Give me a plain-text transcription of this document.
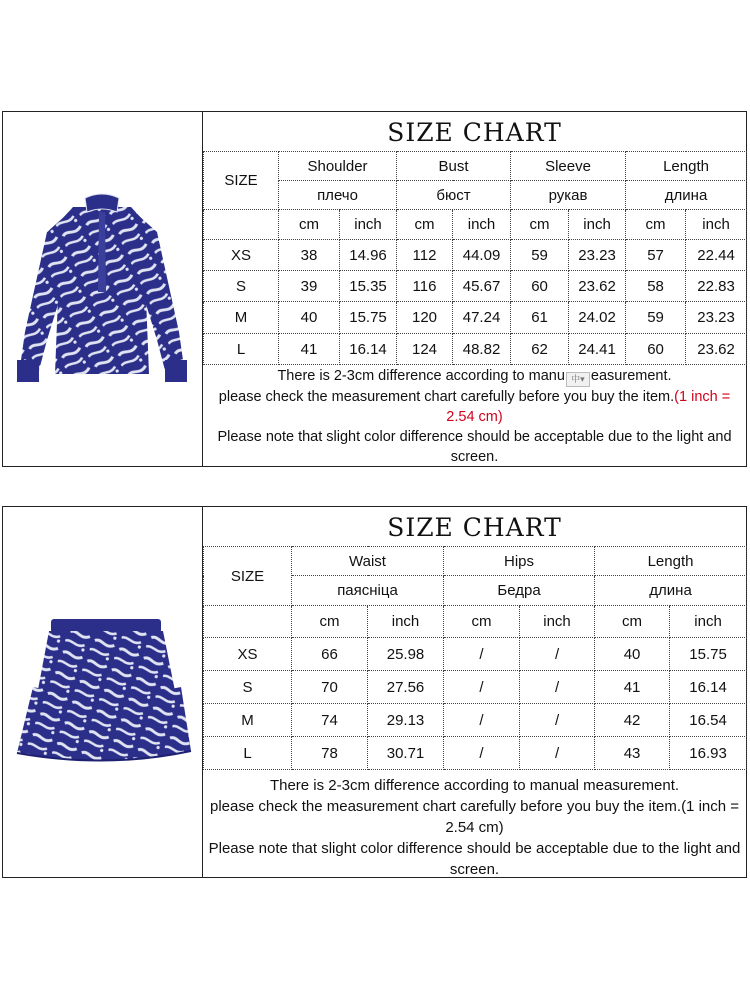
SIZE CHART
SIZE	Shoulder		Bust		Sleeve		Length	
	плечо		бюст		рукав		длина	
	cm	inch	cm	inch	cm	inch	cm	inch
XS	38	14.96	112	44.09	59	23.23	57	22.44
S	39	15.35	116	45.67	60	23.62	58	22.83
M	40	15.75	120	47.24	61	24.02	59	23.23
L	41	16.14	124	48.82	62	24.41	60	23.62

There is 2-3cm difference according to manu 中▾ easurement.

please check the measurement chart carefully before you buy the item.(1 inch = 2.54 cm)

Please note that slight color difference should be acceptable due to the light and screen.

SIZE CHART
SIZE	Waist		Hips		Length	
	паясніца		Бедра		длина	
	cm	inch	cm	inch	cm	inch
XS	66	25.98	/	/	40	15.75
S	70	27.56	/	/	41	16.14
M	74	29.13	/	/	42	16.54
L	78	30.71	/	/	43	16.93

There is 2-3cm difference according to manual measurement.

please check the measurement chart carefully before you buy the item.(1 inch = 2.54 cm)

Please note that slight color difference should be acceptable due to the light and screen.
